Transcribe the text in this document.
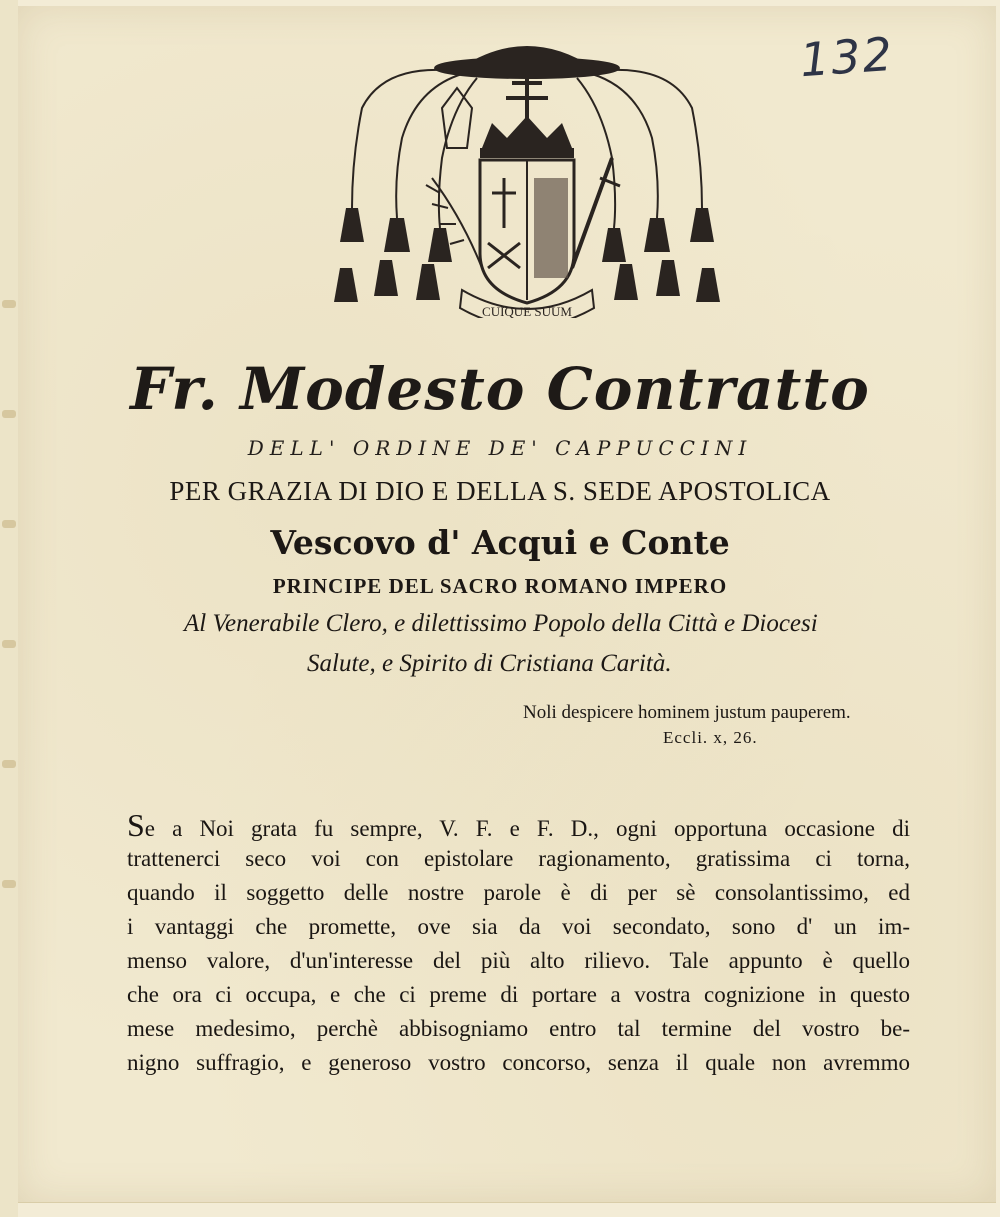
132
CUIQUE SUUM
Fr. Modesto Contratto
DELL' ORDINE DE' CAPPUCCINI
PER GRAZIA DI DIO E DELLA S. SEDE APOSTOLICA
Vescovo d' Acqui e Conte
PRINCIPE DEL SACRO ROMANO IMPERO
Al Venerabile Clero, e dilettissimo Popolo della Città e Diocesi
Salute, e Spirito di Cristiana Carità.
Noli despicere hominem justum pauperem.
Eccli. x, 26.
Se a Noi grata fu sempre, V. F. e F. D., ogni opportuna occasione di
trattenerci seco voi con epistolare ragionamento, gratissima ci torna,
quando il soggetto delle nostre parole è di per sè consolantissimo, ed
i vantaggi che promette, ove sia da voi secondato, sono d' un im-
menso valore, d'un'interesse del più alto rilievo. Tale appunto è quello
che ora ci occupa, e che ci preme di portare a vostra cognizione in questo
mese medesimo, perchè abbisogniamo entro tal termine del vostro be-
nigno suffragio, e generoso vostro concorso, senza il quale non avremmo
